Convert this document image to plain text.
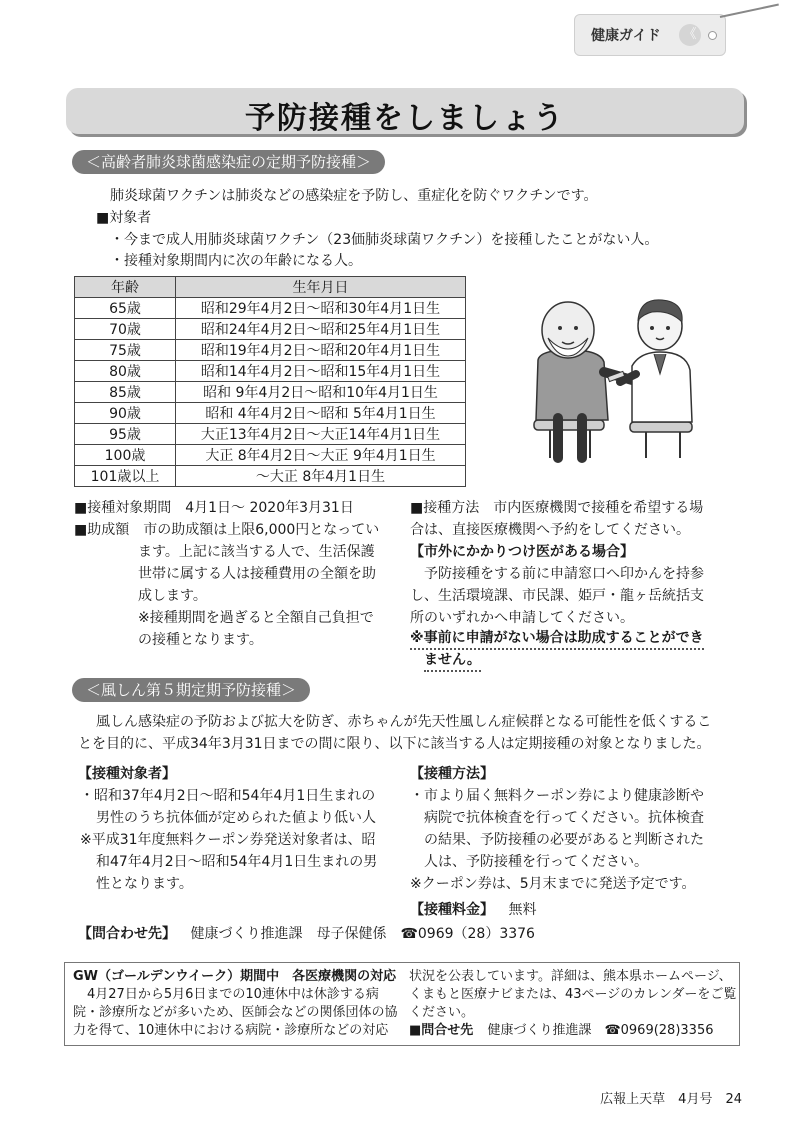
健康ガイド	《
予防接種をしましょう
＜高齢者肺炎球菌感染症の定期予防接種＞
肺炎球菌ワクチンは肺炎などの感染症を予防し、重症化を防ぐワクチンです。
■対象者
・今まで成人用肺炎球菌ワクチン（23価肺炎球菌ワクチン）を接種したことがない人。
・接種対象期間内に次の年齢になる人。
年齢	生年月日
65歳	昭和29年4月2日～昭和30年4月1日生
70歳	昭和24年4月2日～昭和25年4月1日生
75歳	昭和19年4月2日～昭和20年4月1日生
80歳	昭和14年4月2日～昭和15年4月1日生
85歳	昭和 9年4月2日～昭和10年4月1日生
90歳	昭和 4年4月2日～昭和 5年4月1日生
95歳	大正13年4月2日～大正14年4月1日生
100歳	大正 8年4月2日～大正 9年4月1日生
101歳以上	～大正 8年4月1日生
■接種対象期間　4月1日～ 2020年3月31日
■助成額　市の助成額は上限6,000円となってい
ます。上記に該当する人で、生活保護
世帯に属する人は接種費用の全額を助
成します。
※接種期間を過ぎると全額自己負担で
の接種となります。
■接種方法　市内医療機関で接種を希望する場
合は、直接医療機関へ予約をしてください。
【市外にかかりつけ医がある場合】
予防接種をする前に申請窓口へ印かんを持参
し、生活環境課、市民課、姫戸・龍ヶ岳統括支
所のいずれかへ申請してください。
※事前に申請がない場合は助成することができ
ません。
＜風しん第５期定期予防接種＞
風しん感染症の予防および拡大を防ぎ、赤ちゃんが先天性風しん症候群となる可能性を低くするこ
とを目的に、平成34年3月31日までの間に限り、以下に該当する人は定期接種の対象となりました。
【接種対象者】
・昭和37年4月2日～昭和54年4月1日生まれの
男性のうち抗体価が定められた値より低い人
※平成31年度無料クーポン券発送対象者は、昭
和47年4月2日～昭和54年4月1日生まれの男
性となります。
【接種方法】
・市より届く無料クーポン券により健康診断や
病院で抗体検査を行ってください。抗体検査
の結果、予防接種の必要があると判断された
人は、予防接種を行ってください。
※クーポン券は、5月末までに発送予定です。
【接種料金】 無料
【問合わせ先】 健康づくり推進課　母子保健係　☎0969（28）3376
GW（ゴールデンウイーク）期間中　各医療機関の対応
4月27日から5月6日までの10連休中は休診する病
院・診療所などが多いため、医師会などの関係団体の協
力を得て、10連休中における病院・診療所などの対応
状況を公表しています。詳細は、熊本県ホームページ、
くまもと医療ナビまたは、43ページのカレンダーをご覧
ください。
■問合せ先 健康づくり推進課　☎0969(28)3356
広報上天草　4月号　24
